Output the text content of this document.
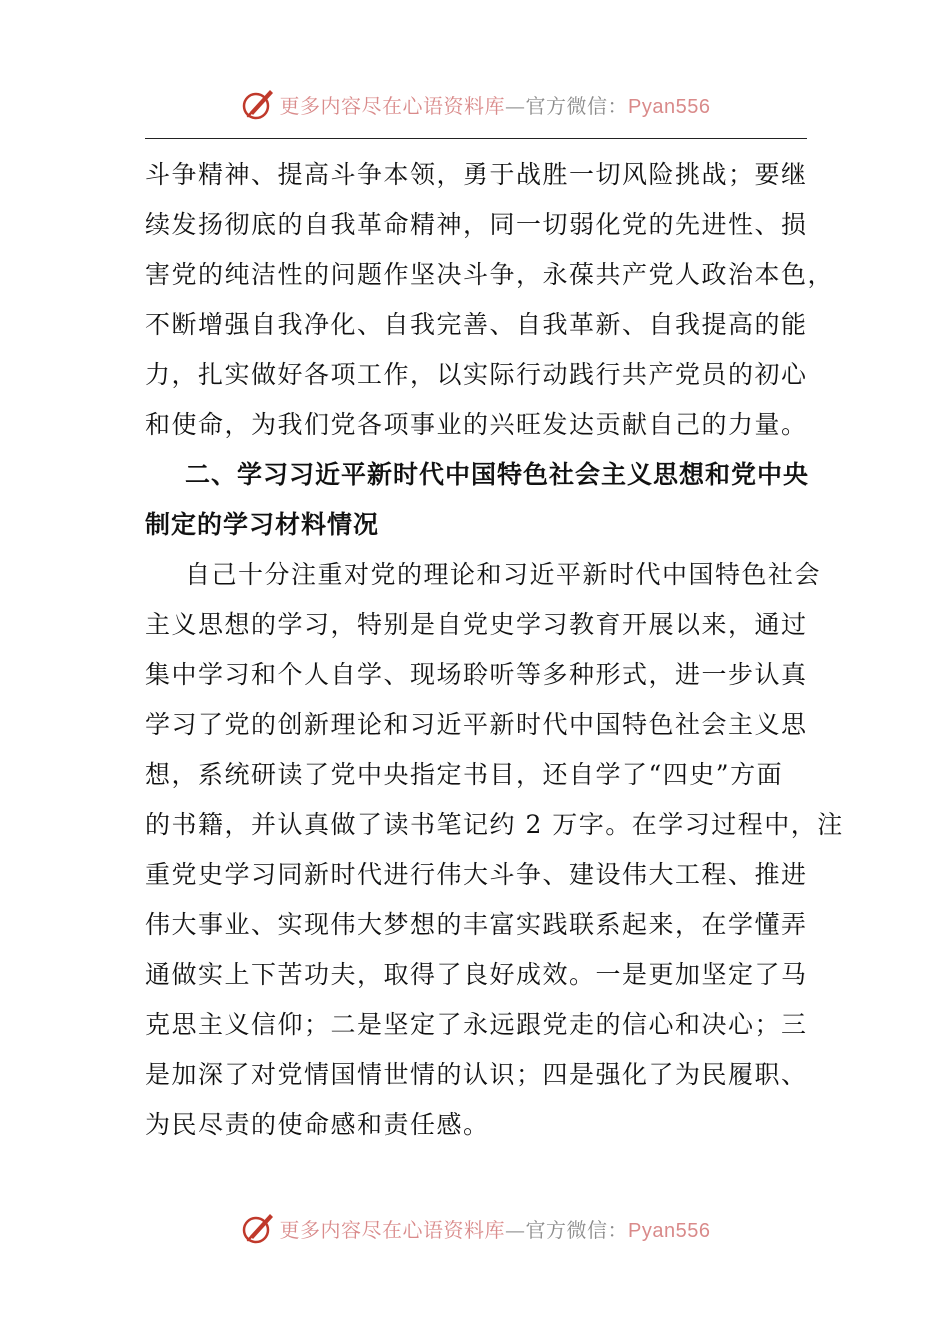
更多内容尽在心语资料库—官方微信：Pyan556
斗争精神、提高斗争本领，勇于战胜一切风险挑战；要继
续发扬彻底的自我革命精神，同一切弱化党的先进性、损
害党的纯洁性的问题作坚决斗争，永葆共产党人政治本色，
不断增强自我净化、自我完善、自我革新、自我提高的能
力，扎实做好各项工作，以实际行动践行共产党员的初心
和使命，为我们党各项事业的兴旺发达贡献自己的力量。
二、学习习近平新时代中国特色社会主义思想和党中央
制定的学习材料情况
自己十分注重对党的理论和习近平新时代中国特色社会
主义思想的学习，特别是自党史学习教育开展以来，通过
集中学习和个人自学、现场聆听等多种形式，进一步认真
学习了党的创新理论和习近平新时代中国特色社会主义思
想，系统研读了党中央指定书目，还自学了“四史”方面
的书籍，并认真做了读书笔记约 2 万字。在学习过程中，注
重党史学习同新时代进行伟大斗争、建设伟大工程、推进
伟大事业、实现伟大梦想的丰富实践联系起来，在学懂弄
通做实上下苦功夫，取得了良好成效。一是更加坚定了马
克思主义信仰；二是坚定了永远跟党走的信心和决心；三
是加深了对党情国情世情的认识；四是强化了为民履职、
为民尽责的使命感和责任感。
更多内容尽在心语资料库—官方微信：Pyan556
